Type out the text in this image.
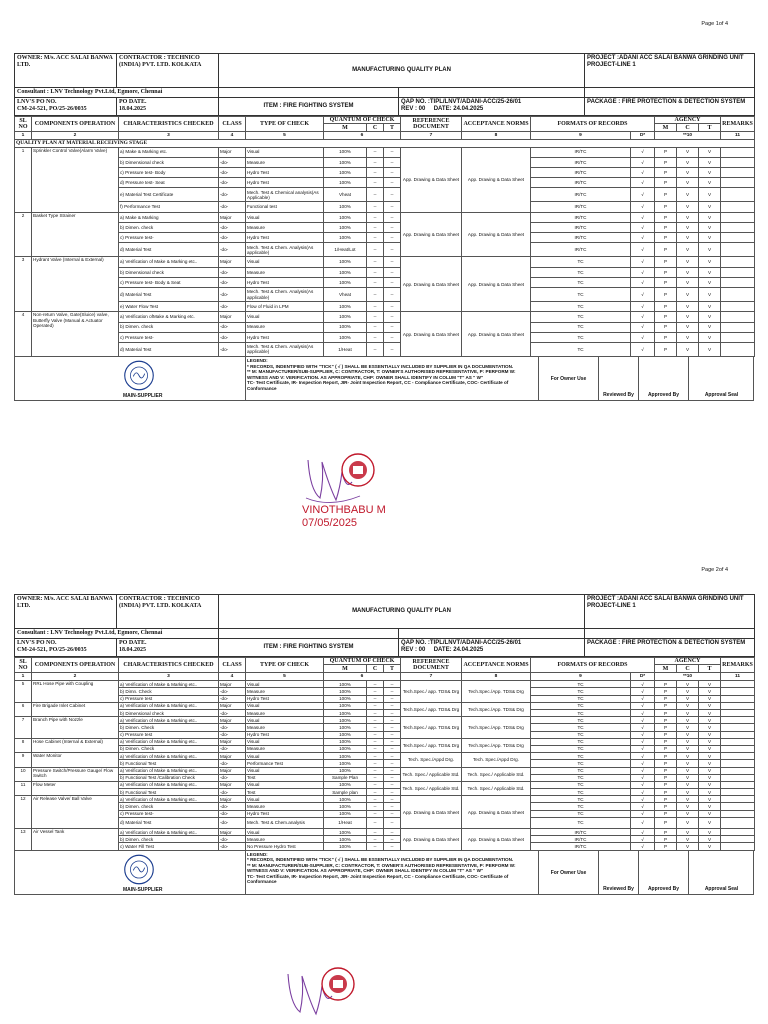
Page 1of 4
OWNER: M/s. ACC SALAI BANWA LTD.	CONTRACTOR : TECHNICO (INDIA) PVT. LTD. KOLKATA	MANUFACTURING QUALITY PLAN		PROJECT :ADANI ACC SALAI BANWA GRINDING UNIT PROJECT-LINE 1
Consultant : LNV Technology Pvt.Ltd, Egmore, Chennai				
LNV'S PO NO.
CM-24-521, PO/25-26/0035	PO DATE.
18.04.2025	ITEM : FIRE FIGHTING SYSTEM	QAP NO. :TIPL/LNVT/ADANI-ACC/25-26/01
REV : 00 DATE: 24.04.2025	PACKAGE : FIRE PROTECTION & DETECTION SYSTEM
SL NO	COMPONENTS OPERATION	CHARACTERISTICS CHECKED	CLASS	TYPE OF CHECK	QUANTUM OF CHECK			REFERENCE DOCUMENT	ACCEPTANCE NORMS	FORMATS OF RECORDS		AGENCY			REMARKS
					M	C	T					M	C	T	
1	2	3	4	5	6			7	8	9	D*	**10			11
QUALITY PLAN AT MATERIAL RECEIVING STAGE															
1	Sprinkler Control Valve(Alarm Valve)	a) Make & Marking etc.	Major	Visual	100%	--	--	App. Drawing & Data Sheet	App. Drawing & Data Sheet	IR/TC	√	P	V	V	
		b) Dimensional check	-do-	Measure	100%	--	--			IR/TC	√	P	V	V	
		c) Pressure test- Body	-do-	Hydro Test	100%	--	--			IR/TC	√	P	V	V	
		d) Pressure test- Seat	-do-	Hydro Test	100%	--	--			IR/TC	√	P	V	V	
		e) Material Test Certificate	-do-	Mech. Test & Chemical analysis(As Applicable)	Vheat	--	--			IR/TC	√	P	V	V	
		f) Performance Test	-do-	Functional test	100%	--	--			IR/TC	√	P	V	V	
2	Basket Type Strainer	a) Make & Marking	Major	Visual	100%	--	--	App. Drawing & Data Sheet	App. Drawing & Data Sheet	IR/TC	√	P	V	V	
		b) Dimen. check	-do-	Measure	100%	--	--			IR/TC	√	P	V	V	
		c) Pressure test-	-do-	Hydro Test	100%	--	--			IR/TC	√	P	V	V	
		d) Material Test	-do-	Mech. Test & Chem. Analysis(As applicable)	1/Heat/Lot	--	--			IR/TC	√	P	V	V	
3	Hydrant Valve (Internal & External)	a) Verification of Make & Marking etc..	Major	Visual	100%	--	--	App. Drawing & Data Sheet	App. Drawing & Data Sheet	TC	√	P	V	V	
		b) Dimensional check	-do-	Measure	100%	--	--			TC	√	P	V	V	
		c) Pressure test- Body & Seat	-do-	Hydro Test	100%	--	--			TC	√	P	V	V	
		d) Material Test	-do-	Mech. Test & Chem. Analysis(As applicable)	Vheat	--	--			TC	√	P	V	V	
		e) Water Flow Test	-do-	Flow of Fluid in LPM	100%	--	--			TC	√	P	V	V	
4	Non-return Valve, Gate(Sluice) valve, Butterfly Valve (Manual & Actuator Operated)	a) Verification ofMake & Marking etc.	Major	Visual	100%	--	--	App. Drawing & Data Sheet	App. Drawing & Data Sheet	TC	√	P	V	V	
		b) Dimen. check	-do-	Measure	100%	--	--			TC	√	P	V	V	
		c) Pressure test-	-do-	Hydro Test	100%	--	--			TC	√	P	V	V	
		d) Material Test	-do-	Mech. Test & Chem. Analysis(As applicable)	1/Heat	--	--			TC	√	P	V	V	
MAIN-SUPPLIER
LEGEND:
* RECORDS, INDENTIFIED WITH "TICK" ( √ ) SHALL BE ESSENTIALLY INCLUDED BY SUPPLIER IN QA DOCUMENTATION.
** M: MANUFACTURER/SUB-SUPPLIER, C: CONTRACTOR, T: OWNER'S AUTHORISED REPRESENTATIVE, P: PERFORM W: WITNESS AND V: VERIFICATION. AS APPROPRIATE, CHP: OWNER SHALL IDENTIFY IN COLUM "T" AS " W"
TC- Test Certificate, IR- Inspection Report, JIR- Joint Inspection Report, CC - Compliance Certificate, COC- Certificate of Conformance
For Owner Use
Reviewed By	Approved By	Approval Seal
VINOTHBABU M
07/05/2025
Page 2of 4
OWNER: M/s. ACC SALAI BANWA LTD.	CONTRACTOR : TECHNICO (INDIA) PVT. LTD. KOLKATA	MANUFACTURING QUALITY PLAN		PROJECT :ADANI ACC SALAI BANWA GRINDING UNIT PROJECT-LINE 1
Consultant : LNV Technology Pvt.Ltd, Egmore, Chennai				
LNV'S PO NO.
CM-24-521, PO/25-26/0035	PO DATE.
18.04.2025	ITEM : FIRE FIGHTING SYSTEM	QAP NO. :TIPL/LNVT/ADANI-ACC/25-26/01
REV : 00 DATE: 24.04.2025	PACKAGE : FIRE PROTECTION & DETECTION SYSTEM
SL NO	COMPONENTS OPERATION	CHARACTERISTICS CHECKED	CLASS	TYPE OF CHECK	QUANTUM OF CHECK			REFERENCE DOCUMENT	ACCEPTANCE NORMS	FORMATS OF RECORDS		AGENCY			REMARKS
					M	C	T					M	C	T	
1	2	3	4	5	6			7	8	9	D*	**10			11
5	RRL Hose Pipe with Coupling	a) Verification of Make & Marking etc..	Major	Visual	100%	--	--	Tech.Spec./ app. TDS& Drg	Tech.Spec./App. TDS& Drg	TC	√	P	V	V	
		b) Dimn. Check	-do-	Measure	100%	--	--			TC	√	P	V	V	
		c) Pressure test	-do-	Hydro Test	100%	--	--			TC	√	P	V	V	
6	Fire Brigade Inlet Cabinet	a) Verification of Make & Marking etc..	Major	Visual	100%	--	--	Tech.Spec./ app. TDS& Drg	Tech.Spec./App. TDS& Drg	TC	√	P	V	V	
		b) Dimensional check	-do-	Measure	100%	--	--			TC	√	P	V	V	
7	Branch Pipe with Nozzle	a) Verification of Make & Marking etc..	Major	Visual	100%	--	--	Tech.Spec./ app. TDS& Drg	Tech.Spec./App. TDS& Drg	TC	√	P	V	V	
		b) Dimen. Check	-do-	Measure	100%	--	--			TC	√	P	V	V	
		c) Pressure test	-do-	Hydro Test	100%	--	--			TC	√	P	V	V	
8	Hose Cabinet (Internal & External)	a) Verification of Make & Marking etc..	Major	Visual	100%	--	--	Tech.Spec./ app. TDS& Drg	Tech.Spec./App. TDS& Drg	TC	√	P	V	V	
		b) Dimen. Check	-do-	Measure	100%	--	--			TC	√	P	V	V	
9	Water Monitor	a) Verification of Make & Marking etc..	Major	Visual	100%	--	--	Tech. Spec./Appd Drg.	Tech. Spec./Appd Drg.	TC	√	P	V	V	
		b) Functional Test	-do-	Performance Test	100%	--	--			TC	√	P	V	V	
10	Pressure Switch/Pressure Gauge/ Flow Switch	a) Verification of Make & Marking etc..	Major	Visual	100%	--	--	Tech. Spec./ Applicable Std.	Tech. Spec./ Applicable Std.	TC	√	P	V	V	
		b) Functional Test /Calibration Check	-do-	Test	Sample Plan	--	--			TC	√	P	V	V	
11	Flow Meter	a) Verification of Make & Marking etc..	Major	Visual	100%	--	--	Tech. Spec./ Applicable Std.	Tech. Spec./ Applicable Std.	TC	√	P	V	V	
		b) Functional Test	-do-	Test	Sample plan	--	--			TC	√	P	V	V	
12	Air Release Valve/ Ball Valve	a) Verification of Make & Marking etc..	Major	Visual	100%	--	--	App. Drawing & Data Sheet	App. Drawing & Data Sheet	TC	√	P	V	V	
		b) Dimen. check	-do-	Measure	100%	--	--			TC	√	P	V	V	
		c) Pressure test-	-do-	Hydro Test	100%	--	--			TC	√	P	V	V	
		d) Material Test	-do-	Mech. Test & Chem.analysis	1/Heat	--	--			TC	√	P	V	V	
13	Air Vessel Tank	a) Verification of Make & Marking etc..	Major	Visual	100%	--	--	App. Drawing & Data Sheet	App. Drawing & Data Sheet	IR/TC	√	P	V	V	
		b) Dimen. check	-do-	Measure	100%	--	--			IR/TC	√	P	V	V	
		c) Water Fill Test	-do-	No Pressure Hydro Test	100%	--	--			IR/TC	√	P	V	V	
MAIN-SUPPLIER
LEGEND:
* RECORDS, INDENTIFIED WITH "TICK" ( √ ) SHALL BE ESSENTIALLY INCLUDED BY SUPPLIER IN QA DOCUMENTATION.
** M: MANUFACTURER/SUB-SUPPLIER, C: CONTRACTOR, T: OWNER'S AUTHORISED REPRESENTATIVE, P: PERFORM W: WITNESS AND V: VERIFICATION. AS APPROPRIATE, CHP: OWNER SHALL IDENTIFY IN COLUM "T" AS " W"
TC- Test Certificate, IR- Inspection Report, JIR- Joint Inspection Report, CC - Compliance Certificate, COC- Certificate of Conformance
For Owner Use
Reviewed By	Approved By	Approval Seal
